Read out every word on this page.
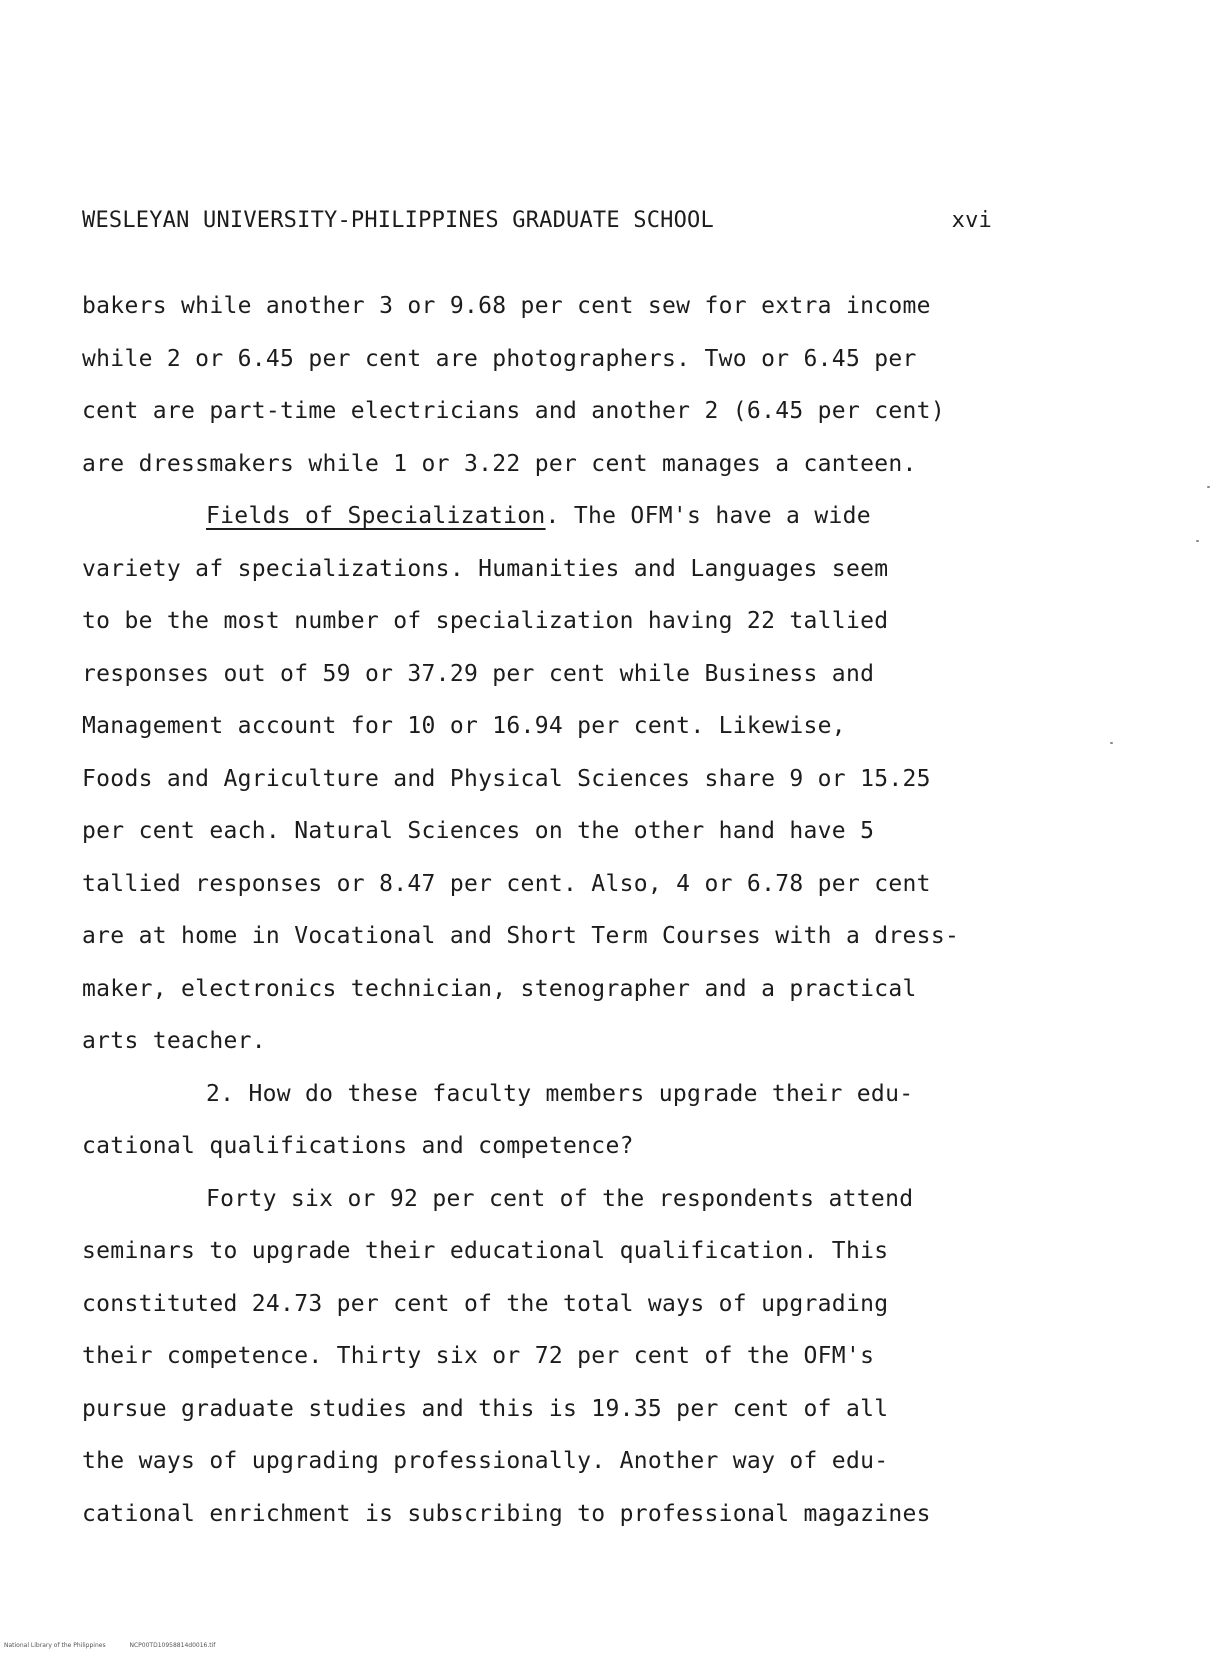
WESLEYAN UNIVERSITY-PHILIPPINES GRADUATE SCHOOL	xvi
bakers while another 3 or 9.68 per cent sew for extra income
while 2 or 6.45 per cent are photographers. Two or 6.45 per
cent are part-time electricians and another 2 (6.45 per cent)
are dressmakers while 1 or 3.22 per cent manages a canteen.
Fields of Specialization. The OFM's have a wide
variety af specializations. Humanities and Languages seem
to be the most number of specialization having 22 tallied
responses out of 59 or 37.29 per cent while Business and
Management account for 10 or 16.94 per cent. Likewise,
Foods and Agriculture and Physical Sciences share 9 or 15.25
per cent each. Natural Sciences on the other hand have 5
tallied responses or 8.47 per cent. Also, 4 or 6.78 per cent
are at home in Vocational and Short Term Courses with a dress-
maker, electronics technician, stenographer and a practical
arts teacher.
2. How do these faculty members upgrade their edu-
cational qualifications and competence?
Forty six or 92 per cent of the respondents attend
seminars to upgrade their educational qualification. This
constituted 24.73 per cent of the total ways of upgrading
their competence. Thirty six or 72 per cent of the OFM's
pursue graduate studies and this is 19.35 per cent of all
the ways of upgrading professionally. Another way of edu-
cational enrichment is subscribing to professional magazines
National Library of the Philippines	NCP00TD10958814d0016.tif
